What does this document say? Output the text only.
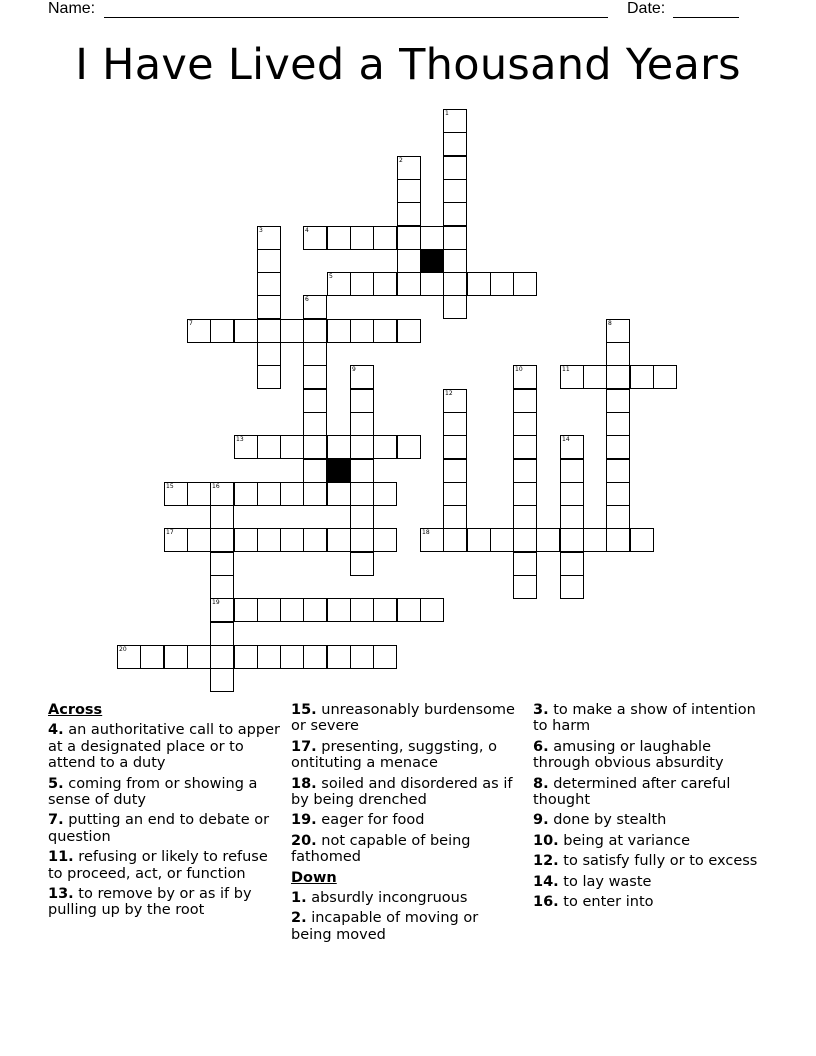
Name:	Date:
I Have Lived a Thousand Years
1
2
3	4
5
6
7	8
9	10	11
12
13	14
15	16
19
17	18
20
Across
4. an authoritative call to apper at a designated place or to attend to a duty
5. coming from or showing a sense of duty
7. putting an end to debate or question
11. refusing or likely to refuse to proceed, act, or function
13. to remove by or as if by pulling up by the root
15. unreasonably burdensome or severe
17. presenting, suggsting, o ontituting a menace
18. soiled and disordered as if by being drenched
19. eager for food
20. not capable of being fathomed
Down
1. absurdly incongruous
2. incapable of moving or being moved
3. to make a show of intention to harm
6. amusing or laughable through obvious absurdity
8. determined after careful thought
9. done by stealth
10. being at variance
12. to satisfy fully or to excess
14. to lay waste
16. to enter into
